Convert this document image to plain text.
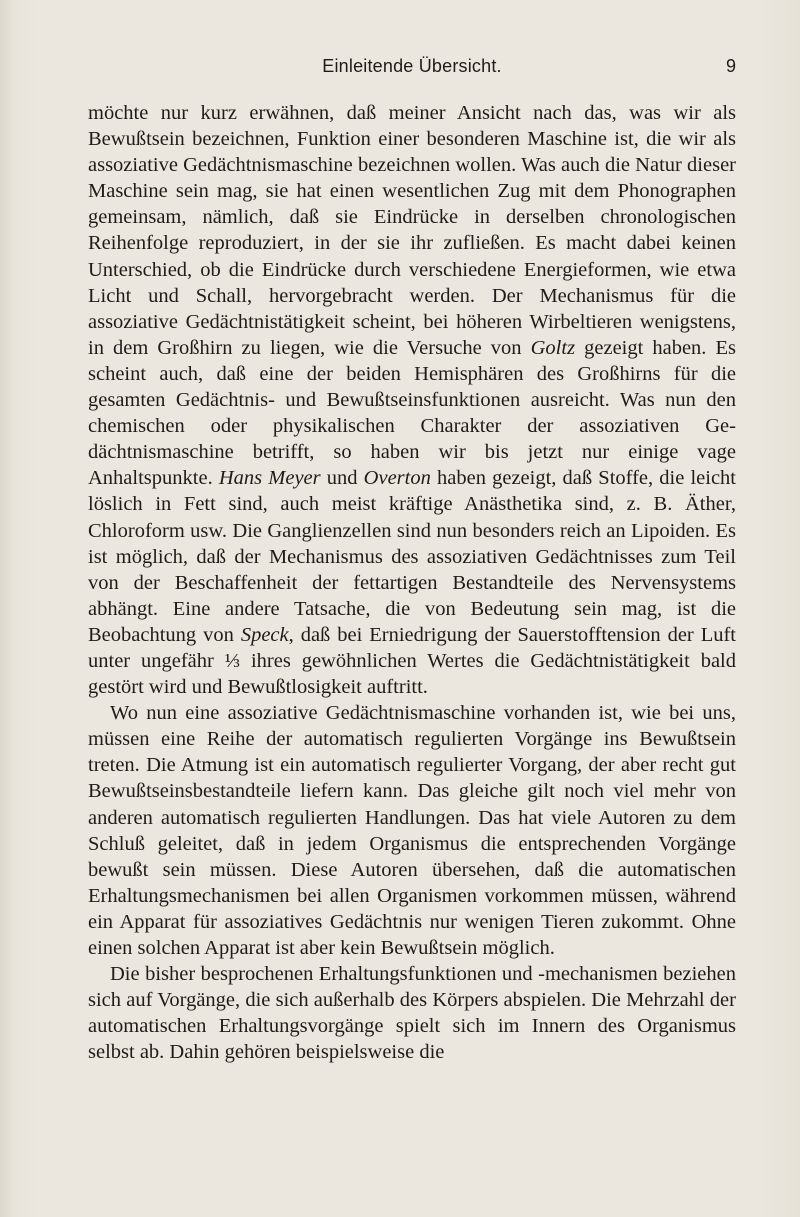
Einleitende Übersicht.	9

möchte nur kurz erwähnen, daß meiner Ansicht nach das, was wir als Bewußtsein bezeichnen, Funktion einer besonderen Maschine ist, die wir als assoziative Gedächtnismaschine bezeichnen wollen. Was auch die Natur dieser Maschine sein mag, sie hat einen wesentlichen Zug mit dem Phonographen gemeinsam, nämlich, daß sie Eindrücke in derselben chronologischen Reihenfolge reproduziert, in der sie ihr zufließen. Es macht dabei keinen Unterschied, ob die Eindrücke durch verschiedene Energieformen, wie etwa Licht und Schall, hervorgebracht werden. Der Mechanismus für die assoziative Gedächtnistätigkeit scheint, bei höheren Wirbeltieren wenigstens, in dem Großhirn zu liegen, wie die Versuche von Goltz gezeigt haben. Es scheint auch, daß eine der beiden Hemisphären des Großhirns für die gesamten Gedächtnis- und Bewußtseinsfunktionen ausreicht. Was nun den chemischen oder physikalischen Charakter der assoziativen Gedächtnismaschine betrifft, so haben wir bis jetzt nur einige vage Anhaltspunkte. Hans Meyer und Overton haben gezeigt, daß Stoffe, die leicht löslich in Fett sind, auch meist kräftige Anästhetika sind, z. B. Äther, Chloroform usw. Die Ganglienzellen sind nun besonders reich an Lipoiden. Es ist möglich, daß der Mechanismus des assoziativen Gedächtnisses zum Teil von der Beschaffenheit der fettartigen Bestandteile des Nervensystems abhängt. Eine andere Tatsache, die von Bedeutung sein mag, ist die Beobachtung von Speck, daß bei Erniedrigung der Sauerstofftension der Luft unter ungefähr ⅓ ihres gewöhnlichen Wertes die Gedächtnistätigkeit bald gestört wird und Bewußtlosigkeit auftritt.

Wo nun eine assoziative Gedächtnismaschine vorhanden ist, wie bei uns, müssen eine Reihe der automatisch regulierten Vorgänge ins Bewußtsein treten. Die Atmung ist ein automatisch regulierter Vorgang, der aber recht gut Bewußtseinsbestandteile liefern kann. Das gleiche gilt noch viel mehr von anderen automatisch regulierten Handlungen. Das hat viele Autoren zu dem Schluß geleitet, daß in jedem Organismus die entsprechenden Vorgänge bewußt sein müssen. Diese Autoren übersehen, daß die automatischen Erhaltungsmechanismen bei allen Organismen vorkommen müssen, während ein Apparat für assoziatives Gedächtnis nur wenigen Tieren zukommt. Ohne einen solchen Apparat ist aber kein Bewußtsein möglich.

Die bisher besprochenen Erhaltungsfunktionen und -mechanismen beziehen sich auf Vorgänge, die sich außerhalb des Körpers abspielen. Die Mehrzahl der automatischen Erhaltungsvorgänge spielt sich im Innern des Organismus selbst ab. Dahin gehören beispielsweise die
